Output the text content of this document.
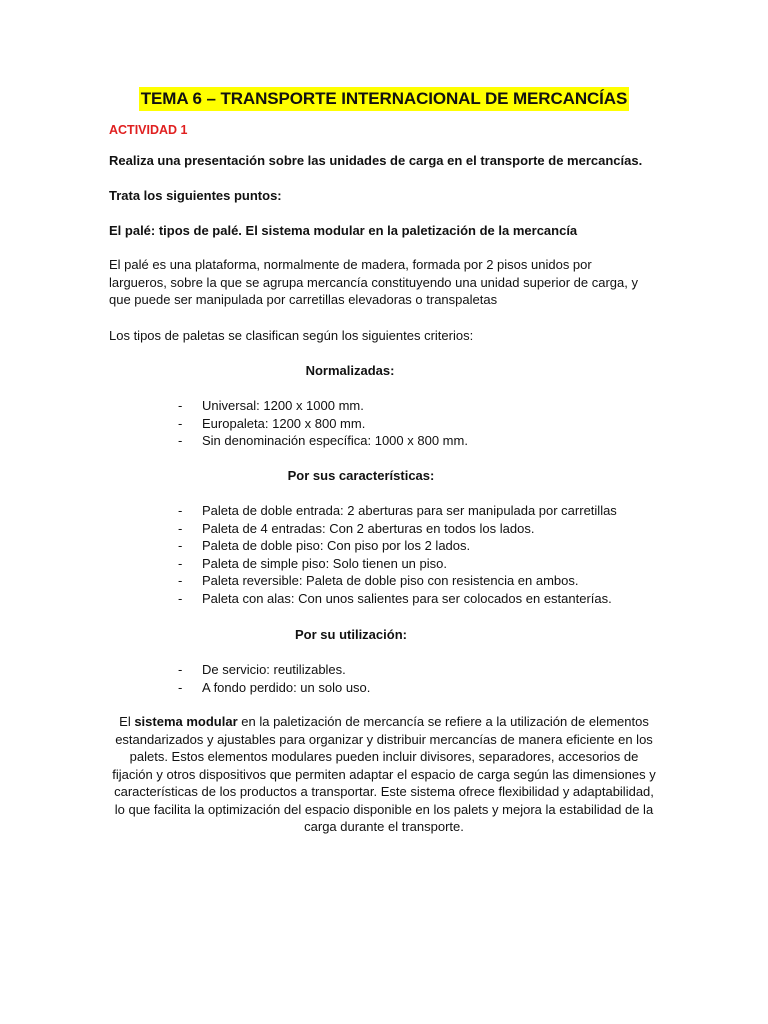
TEMA 6 – TRANSPORTE INTERNACIONAL DE MERCANCÍAS
ACTIVIDAD 1
Realiza una presentación sobre las unidades de carga en el transporte de mercancías.
Trata los siguientes puntos:
El palé: tipos de palé. El sistema modular en la paletización de la mercancía
El palé es una plataforma, normalmente de madera, formada por 2 pisos unidos por largueros, sobre la que se agrupa mercancía constituyendo una unidad superior de carga, y que puede ser manipulada por carretillas elevadoras o transpaletas
Los tipos de paletas se clasifican según los siguientes criterios:
Normalizadas:
- Universal: 1200 x 1000 mm.
- Europaleta: 1200 x 800 mm.
- Sin denominación específica: 1000 x 800 mm.
Por sus características:
- Paleta de doble entrada: 2 aberturas para ser manipulada por carretillas
- Paleta de 4 entradas: Con 2 aberturas en todos los lados.
- Paleta de doble piso: Con piso por los 2 lados.
- Paleta de simple piso: Solo tienen un piso.
- Paleta reversible: Paleta de doble piso con resistencia en ambos.
- Paleta con alas: Con unos salientes para ser colocados en estanterías.
Por su utilización:
- De servicio: reutilizables.
- A fondo perdido: un solo uso.
El sistema modular en la paletización de mercancía se refiere a la utilización de elementos estandarizados y ajustables para organizar y distribuir mercancías de manera eficiente en los palets. Estos elementos modulares pueden incluir divisores, separadores, accesorios de fijación y otros dispositivos que permiten adaptar el espacio de carga según las dimensiones y características de los productos a transportar. Este sistema ofrece flexibilidad y adaptabilidad, lo que facilita la optimización del espacio disponible en los palets y mejora la estabilidad de la carga durante el transporte.
